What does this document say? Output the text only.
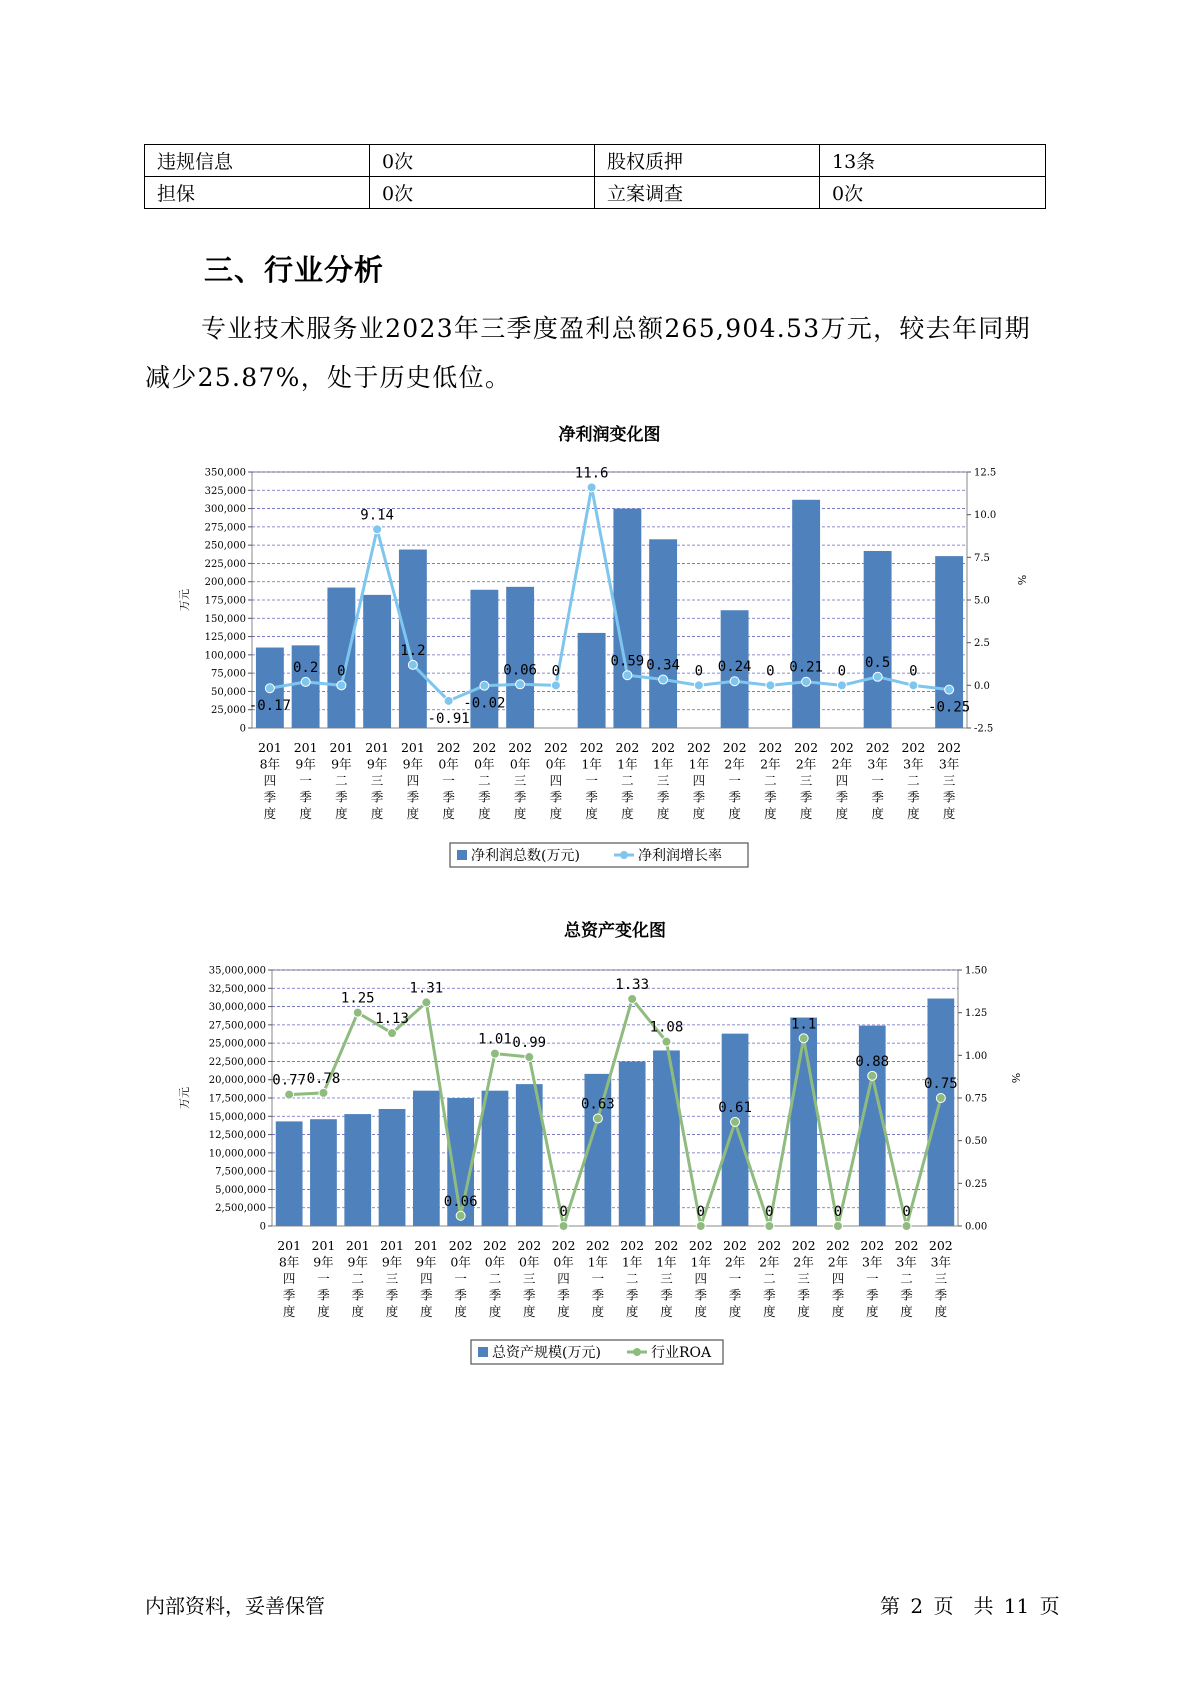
违规信息	0次	股权质押	13条
担保	0次	立案调查	0次
三、行业分析
专业技术服务业2023年三季度盈利总额265,904.53万元，较去年同期减少25.87%，处于历史低位。
净利润变化图
0
25,000
50,000
75,000
100,000
125,000
150,000
175,000
200,000
225,000
250,000
275,000
300,000
325,000
350,000
-2.5
0.0
2.5
5.0
7.5
10.0
12.5
万元
%
-0.17
0.2 0
9.14
1.2
-0.91
-0.02
0.06 0
11.6
0.59 0.34 0 0.24 0 0.21 0
0.5
0
-0.25
201 8年四季度
201 9年一季度
201 9年二季度
201 9年三季度
201 9年四季度
202 0年一季度
202 0年二季度
202 0年三季度
202 0年四季度
202 1年一季度
202 1年二季度
202 1年三季度
202 1年四季度
202 2年一季度
202 2年二季度
202 2年三季度
202 2年四季度
202 3年一季度
202 3年二季度
202 3年三季度
净利润总数(万元)	净利润增长率
总资产变化图
0
2,500,000
5,000,000
7,500,000
10,000,000
12,500,000
15,000,000
17,500,000
20,000,000
22,500,000
25,000,000
27,500,000
30,000,000
32,500,000
35,000,000
0.00
0.25
0.50
0.75
1.00
1.25
1.50
万元
%
0.77 0.78
1.25
1.13
1.31
0.06
1.01 0.99
0
0.63
1.33
1.08
0
0.61
0
1.1
0
0.88
0
0.75
201 8年四季度
201 9年一季度
201 9年二季度
201 9年三季度
201 9年四季度
202 0年一季度
202 0年二季度
202 0年三季度
202 0年四季度
202 1年一季度
202 1年二季度
202 1年三季度
202 1年四季度
202 2年一季度
202 2年二季度
202 2年三季度
202 2年四季度
202 3年一季度
202 3年二季度
202 3年三季度
总资产规模(万元)	行业ROA
内部资料，妥善保管	第 2 页　共 11 页
